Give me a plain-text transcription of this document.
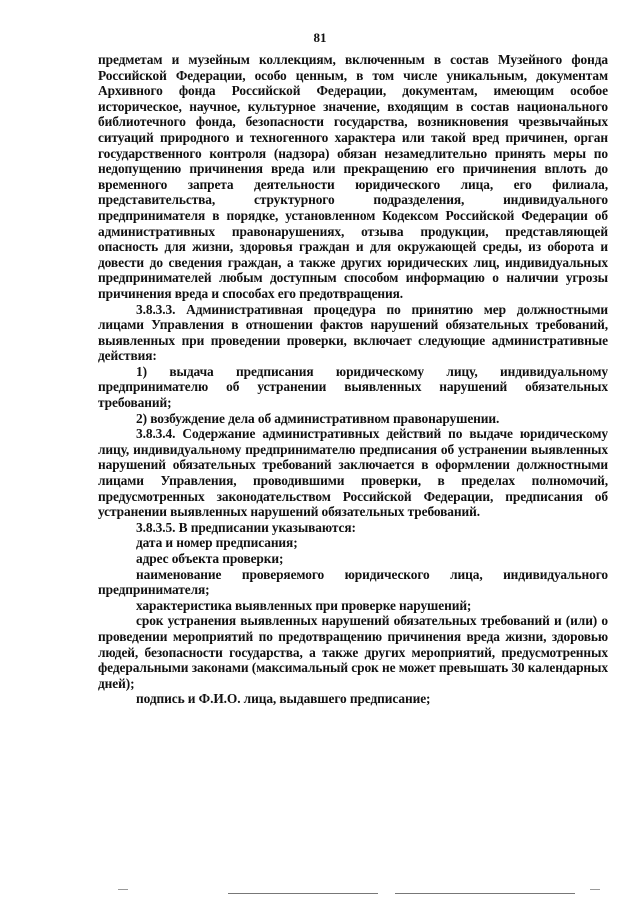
81

предметам и музейным коллекциям, включенным в состав Музейного фонда Российской Федерации, особо ценным, в том числе уникальным, документам Архивного фонда Российской Федерации, документам, имеющим особое историческое, научное, культурное значение, входящим в состав национального библиотечного фонда, безопасности государства, возникновения чрезвычайных ситуаций природного и техногенного характера или такой вред причинен, орган государственного контроля (надзора) обязан незамедлительно принять меры по недопущению причинения вреда или прекращению его причинения вплоть до временного запрета деятельности юридического лица, его филиала, представительства, структурного подразделения, индивидуального предпринимателя в порядке, установленном Кодексом Российской Федерации об административных правонарушениях, отзыва продукции, представляющей опасность для жизни, здоровья граждан и для окружающей среды, из оборота и довести до сведения граждан, а также других юридических лиц, индивидуальных предпринимателей любым доступным способом информацию о наличии угрозы причинения вреда и способах его предотвращения.

3.8.3.3. Административная процедура по принятию мер должностными лицами Управления в отношении фактов нарушений обязательных требований, выявленных при проведении проверки, включает следующие административные действия:

1) выдача предписания юридическому лицу, индивидуальному предпринимателю об устранении выявленных нарушений обязательных требований;

2) возбуждение дела об административном правонарушении.

3.8.3.4. Содержание административных действий по выдаче юридическому лицу, индивидуальному предпринимателю предписания об устранении выявленных нарушений обязательных требований заключается в оформлении должностными лицами Управления, проводившими проверки, в пределах полномочий, предусмотренных законодательством Российской Федерации, предписания об устранении выявленных нарушений обязательных требований.

3.8.3.5. В предписании указываются:

дата и номер предписания;

адрес объекта проверки;

наименование проверяемого юридического лица, индивидуального предпринимателя;

характеристика выявленных при проверке нарушений;

срок устранения выявленных нарушений обязательных требований и (или) о проведении мероприятий по предотвращению причинения вреда жизни, здоровью людей, безопасности государства, а также других мероприятий, предусмотренных федеральными законами (максимальный срок не может превышать 30 календарных дней);

подпись и Ф.И.О. лица, выдавшего предписание;
